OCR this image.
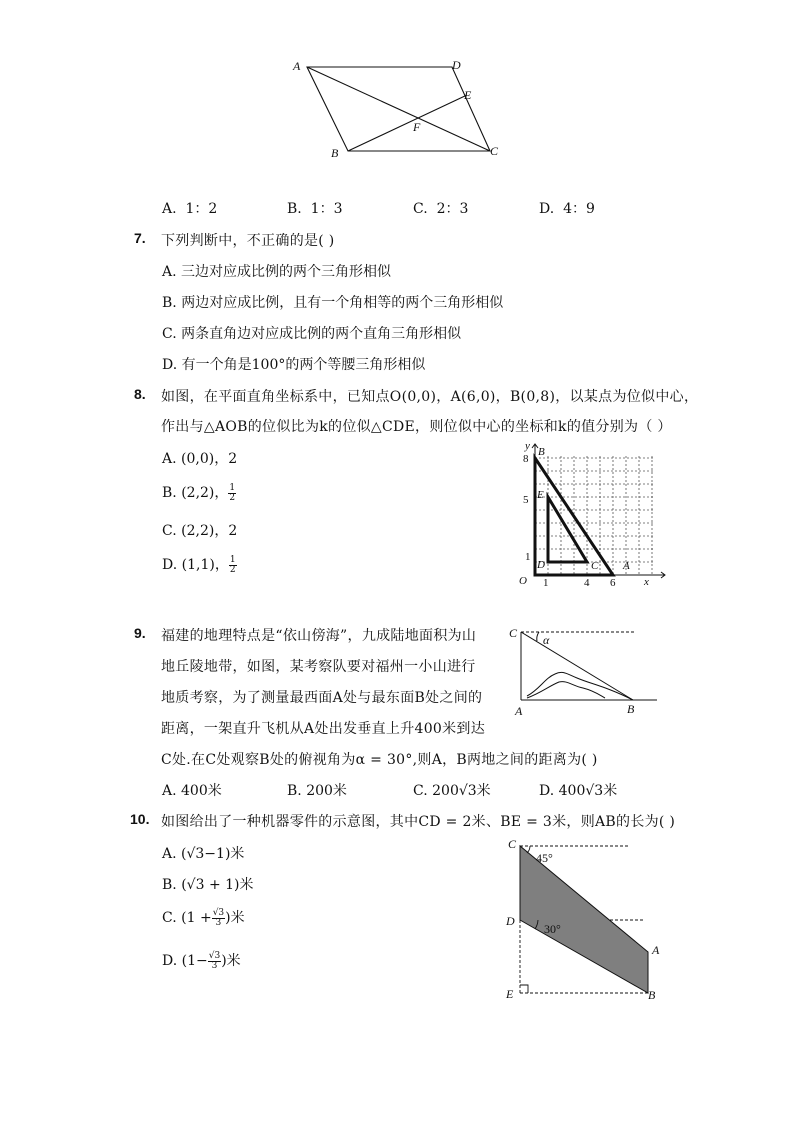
A	D
E
F
B	C
A. 1：2	B. 1：3	C. 2：3	D. 4：9
7. 下列判断中，不正确的是( )
A. 三边对应成比例的两个三角形相似
B. 两边对应成比例，且有一个角相等的两个三角形相似
C. 两条直角边对应成比例的两个直角三角形相似
D. 有一个角是100°的两个等腰三角形相似
8. 如图，在平面直角坐标系中，已知点O(0,0)，A(6,0)，B(0,8)，以某点为位似中心，
作出与△AOB的位似比为k的位似△CDE，则位似中心的坐标和k的值分别为（ ）
A. (0,0)，2
B. (2,2)， $\frac{1}{2}$
C. (2,2)，2
D. (1,1)， $\frac{1}{2}$
y B
8
E
5
1
D	C A
O 1	4 6	x
9. 福建的地理特点是“依山傍海”，九成陆地面积为山
地丘陵地带，如图，某考察队要对福州一小山进行
地质考察，为了测量最西面A处与最东面B处之间的
距离，一架直升飞机从A处出发垂直上升400米到达
C处.在C处观察B处的俯视角为α = 30°,则A，B两地之间的距离为( )
A. 400米	B. 200米	C. 200√3米	D. 400√3米
C α
A	B
10. 如图给出了一种机器零件的示意图，其中CD = 2米、BE = 3米，则AB的长为( )
A. (√3−1)米
B. (√3 + 1)米
C. ($1 + \frac{√3}{3}$ )米
D. ($1- \frac{√3}{3}$ )米
C
45°
D
30°
A
E	B
